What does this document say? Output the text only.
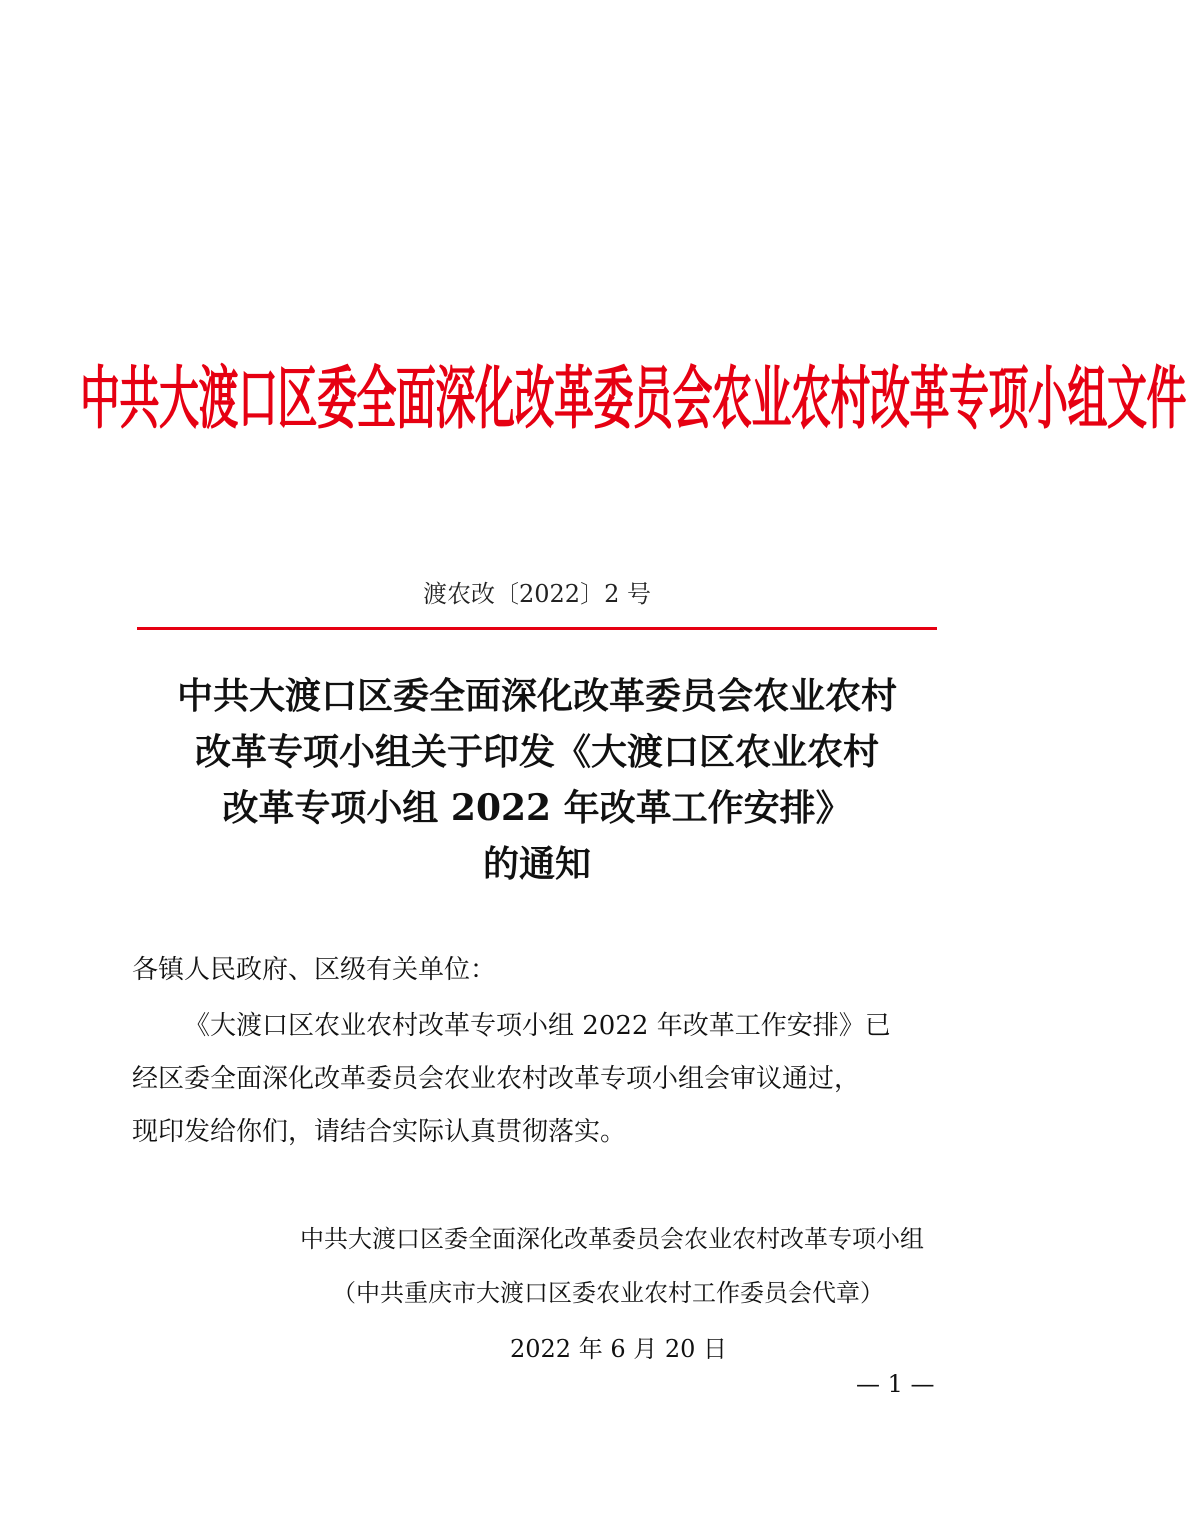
中共大渡口区委全面深化改革委员会农业农村改革专项小组文件
渡农改〔2022〕2 号
中共大渡口区委全面深化改革委员会农业农村
改革专项小组关于印发《大渡口区农业农村
改革专项小组 2022 年改革工作安排》
的通知
各镇人民政府、区级有关单位：
《大渡口区农业农村改革专项小组 2022 年改革工作安排》已
经区委全面深化改革委员会农业农村改革专项小组会审议通过，
现印发给你们，请结合实际认真贯彻落实。
中共大渡口区委全面深化改革委员会农业农村改革专项小组
（中共重庆市大渡口区委农业农村工作委员会代章）
2022 年 6 月 20 日
— 1 —
